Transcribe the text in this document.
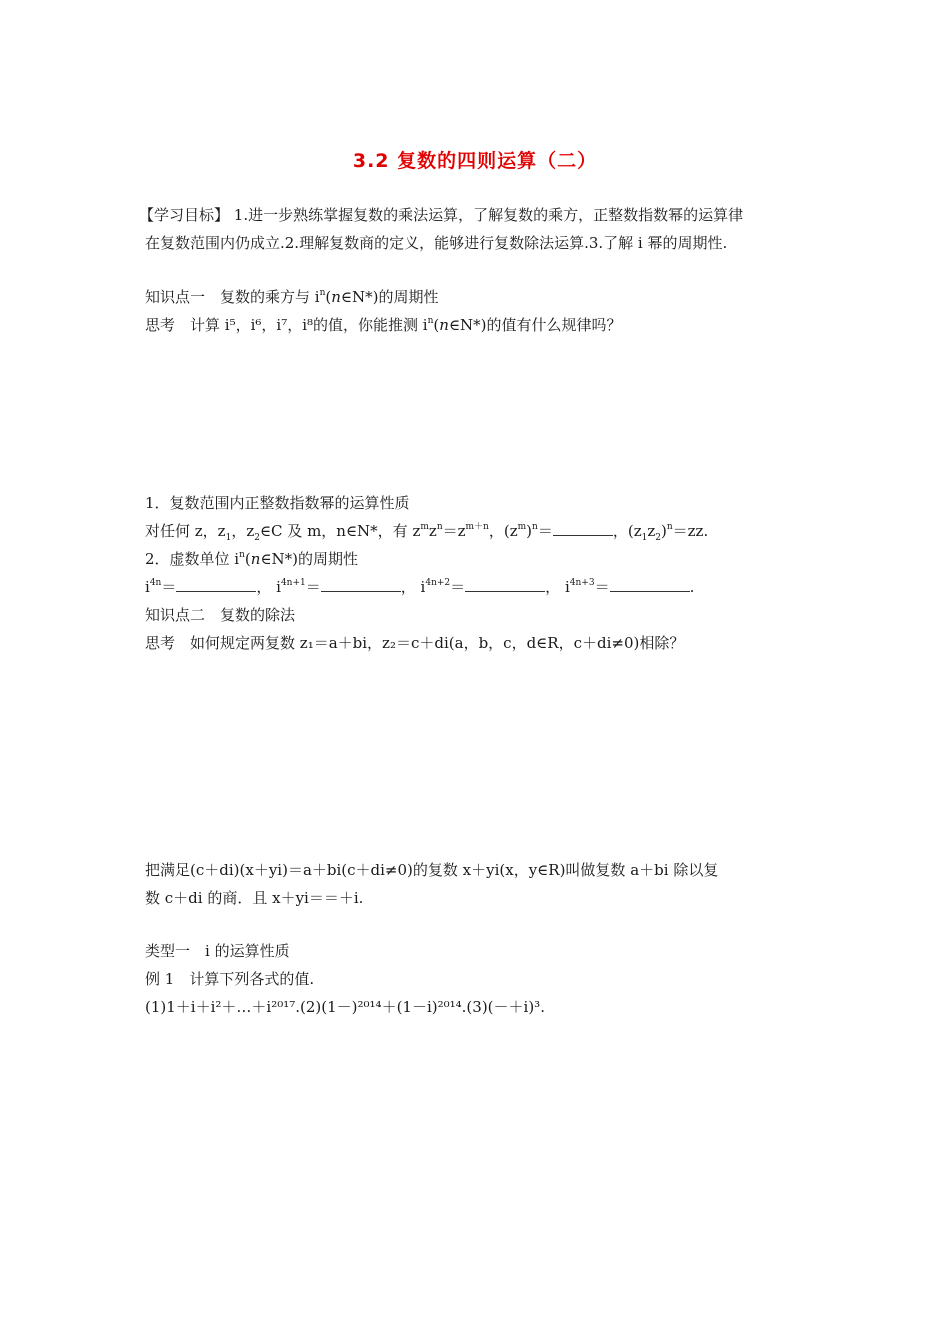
3.2 复数的四则运算（二）
【学习目标】 1.进一步熟练掌握复数的乘法运算，了解复数的乘方，正整数指数幂的运算律
在复数范围内仍成立.2.理解复数商的定义，能够进行复数除法运算.3.了解 i 幂的周期性.
知识点一　复数的乘方与 $i^n(n\in N*)$的周期性
思考　 计算 i⁵，i⁶，i⁷，i⁸的值，你能推测 $i^n(n\in N*)$的值有什么规律吗？
1．复数范围内正整数指数幂的运算性质
对任何 z，$z_1$，$z_2\in C$ 及 m，n∈N*，有 $z^mz^n=z^{m+n}$，$(z^m)^n=$	，$(z_1z_2)^n=zz$.
2．虚数单位 $i^n(n\in N*)$的周期性
$i^{4n}=$	， $i^{4n+1}=$	， $i^{4n+2}=$	， $i^{4n+3}=$	.
知识点二　复数的除法
思考　 如何规定两复数 z₁＝a＋bi，z₂＝c＋di(a，b，c，d∈R，c＋di≠0)相除？
把满足(c＋di)(x＋yi)＝a＋bi(c＋di≠0)的复数 x＋yi(x，y∈R)叫做复数 a＋bi 除以复
数 c＋di 的商．且 x＋yi＝＝＋i.
类型一　i 的运算性质
例 1　 计算下列各式的值.
(1)1＋i＋i²＋…＋i²⁰¹⁷.(2)(1－)²⁰¹⁴＋(1－i)²⁰¹⁴.(3)(－＋i)³.
